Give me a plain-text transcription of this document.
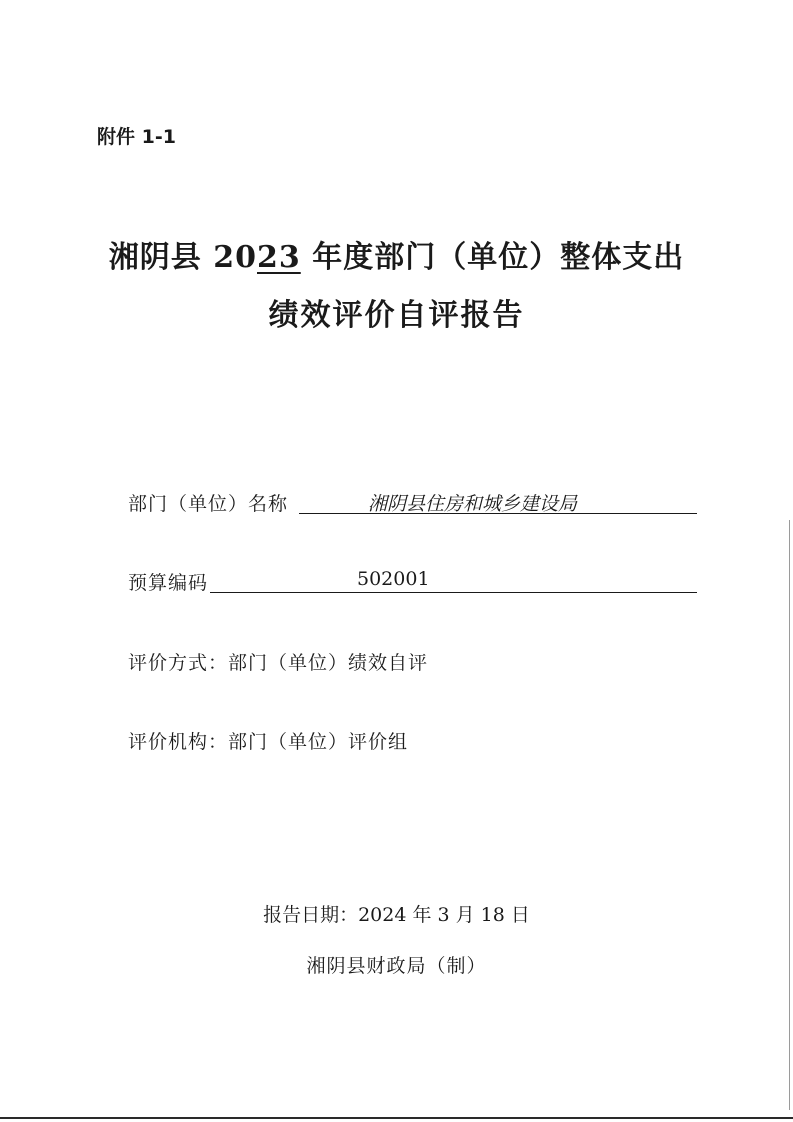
附件 1-1
湘阴县 2023 年度部门（单位）整体支出
绩效评价自评报告
部门（单位）名称	湘阴县住房和城乡建设局
预算编码	502001
评价方式：部门（单位）绩效自评
评价机构：部门（单位）评价组
报告日期：2024 年 3 月 18 日
湘阴县财政局（制）
